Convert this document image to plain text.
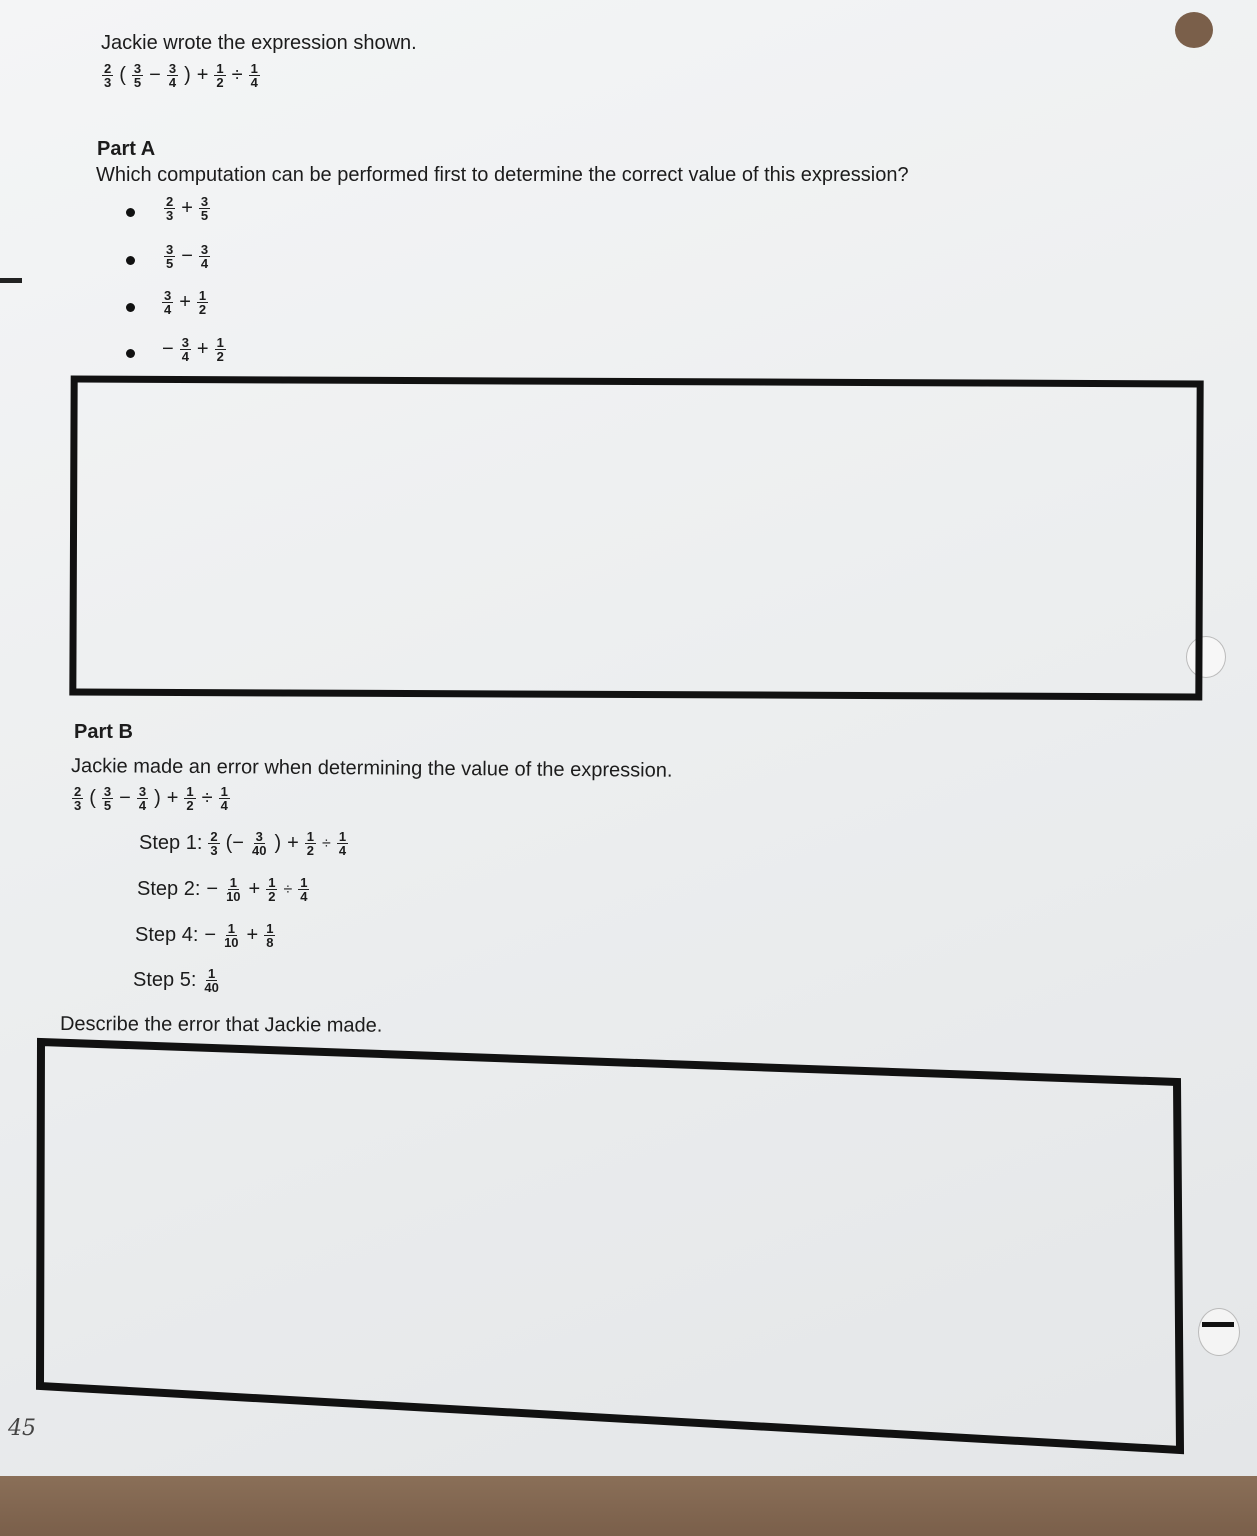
Jackie wrote the expression shown.
$\frac{2}{3}$ ( $\frac{3}{5} - \frac{3}{4}$ ) + $\frac{1}{2} \div \frac{1}{4}$
Part A
Which computation can be performed first to determine the correct value of this expression?
$\frac{2}{3} + \frac{3}{5}$
$\frac{3}{5} - \frac{3}{4}$
$\frac{3}{4} + \frac{1}{2}$
− $\frac{3}{4} + \frac{1}{2}$
Part B
Jackie made an error when determining the value of the expression.
$\frac{2}{3}$ ( $\frac{3}{5} - \frac{3}{4}$ ) + $\frac{1}{2} \div \frac{1}{4}$
Step 1: $\frac{2}{3}$ (− $\frac{3}{40}$ ) + $\frac{1}{2} \div \frac{1}{4}$
Step 2: − $\frac{1}{10} + \frac{1}{2} \div \frac{1}{4}$
Step 4: − $\frac{1}{10} + \frac{1}{8}$
Step 5: $\frac{1}{40}$
Describe the error that Jackie made.
45
